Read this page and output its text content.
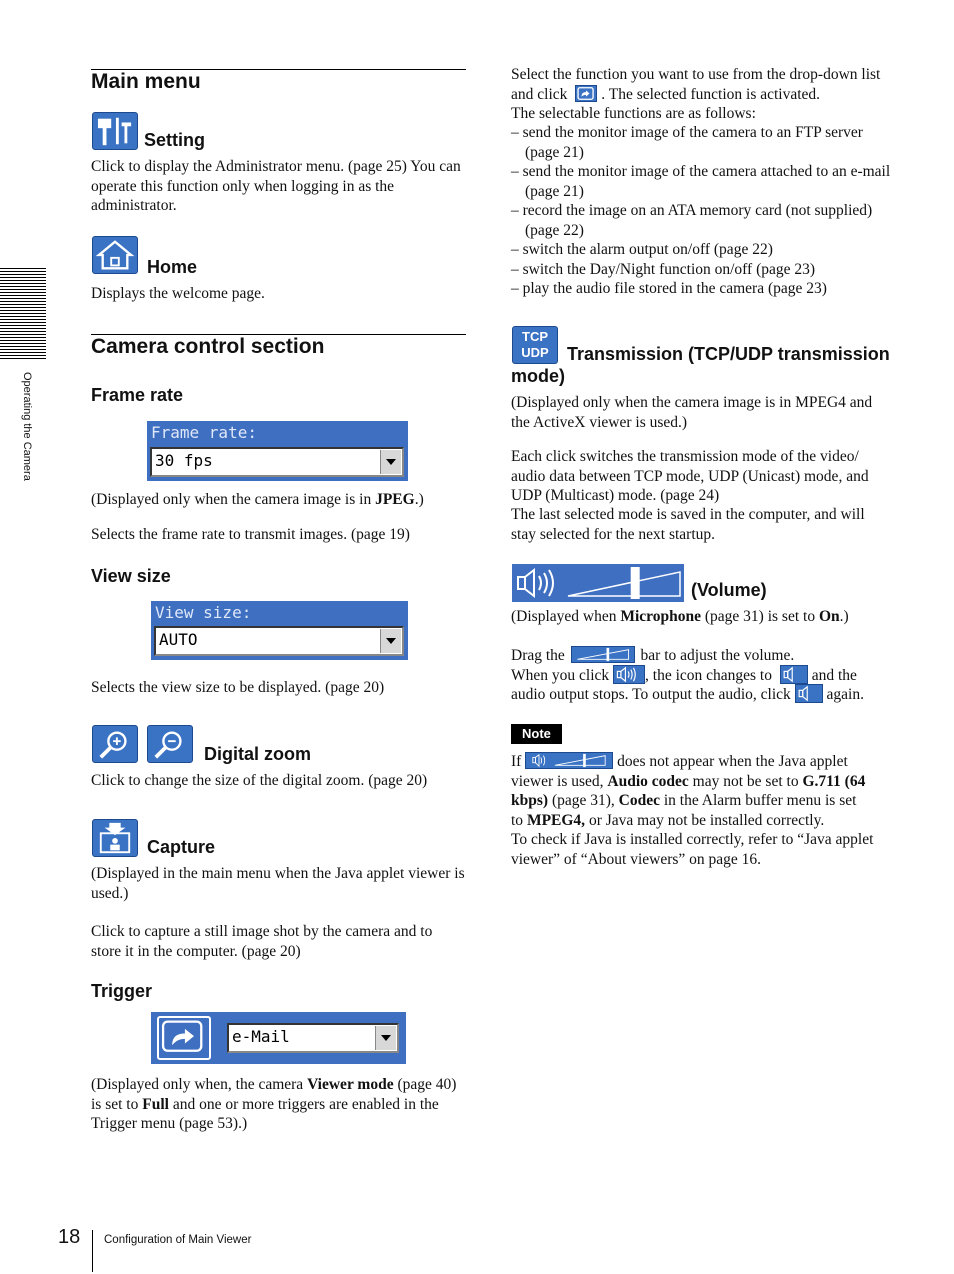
Operating the Camera
Main menu
Setting
Click to display the Administrator menu. (page 25) You can operate this function only when logging in as the administrator.
Home
Displays the welcome page.
Camera control section
Frame rate
Frame rate:
30 fps
(Displayed only when the camera image is in JPEG.)
Selects the frame rate to transmit images. (page 19)
View size
View size:
AUTO
Selects the view size to be displayed. (page 20)
Digital zoom
Click to change the size of the digital zoom. (page 20)
Capture
(Displayed in the main menu when the Java applet viewer is used.)
Click to capture a still image shot by the camera and to store it in the computer. (page 20)
Trigger
e-Mail
(Displayed only when, the camera Viewer mode (page 40) is set to Full and one or more triggers are enabled in the Trigger menu (page 53).)
Select the function you want to use from the drop-down list and click
. The selected function is activated.
The selectable functions are as follows:
– send the monitor image of the camera to an FTP server (page 21)
– send the monitor image of the camera attached to an e-mail (page 21)
– record the image on an ATA memory card (not supplied) (page 22)
– switch the alarm output on/off (page 22)
– switch the Day/Night function on/off (page 23)
– play the audio file stored in the camera (page 23)
TCP
UDP	Transmission (TCP/UDP transmission mode)
(Displayed only when the camera image is in MPEG4 and the ActiveX viewer is used.)
Each click switches the transmission mode of the video/ audio data between TCP mode, UDP (Unicast) mode, and UDP (Multicast) mode. (page 24)
The last selected mode is saved in the computer, and will stay selected for the next startup.
(Volume)
(Displayed when Microphone (page 31) is set to On.)
Drag the	bar to adjust the volume.
When you click
, the icon changes to
and the
audio output stops. To output the audio, click
again.
Note
If	does not appear when the Java applet
viewer is used, Audio codec may not be set to G.711 (64
kbps) (page 31), Codec in the Alarm buffer menu is set
to MPEG4, or Java may not be installed correctly.
To check if Java is installed correctly, refer to “Java applet viewer” of “About viewers” on page 16.
18 Configuration of Main Viewer
